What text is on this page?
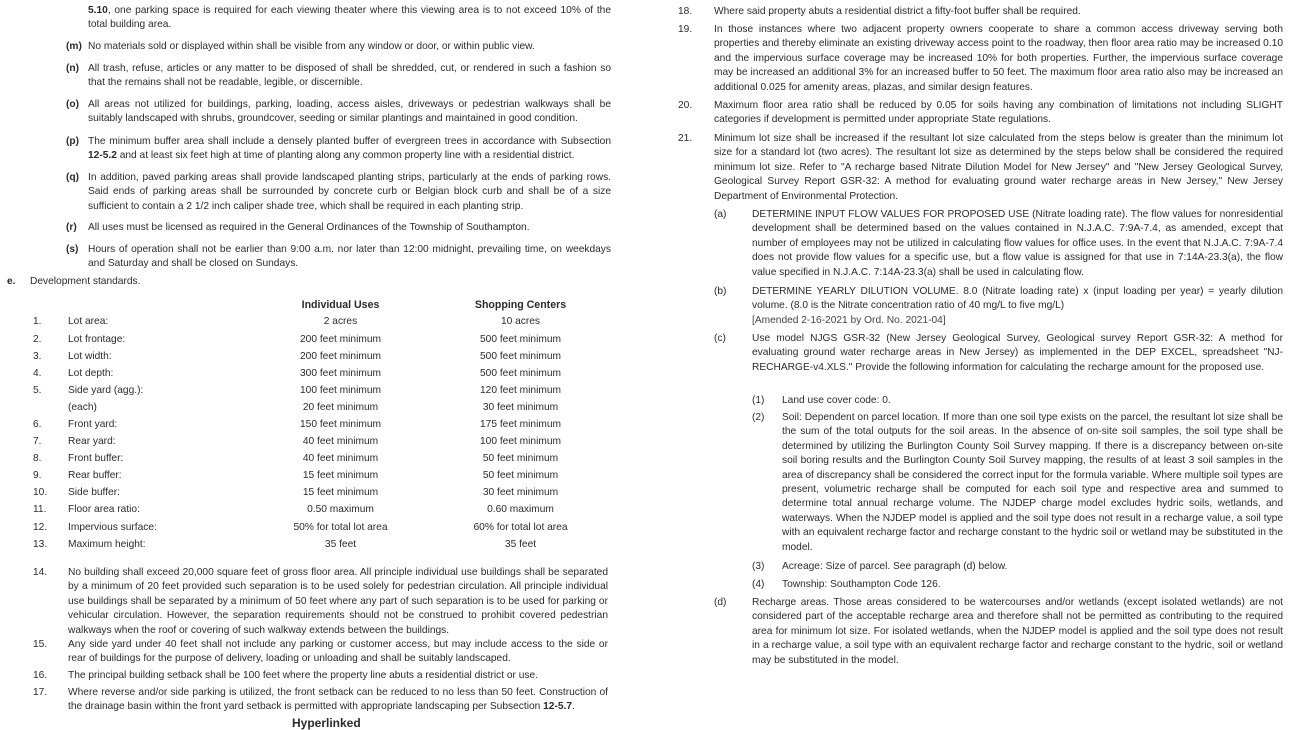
5.10, one parking space is required for each viewing theater where this viewing area is to not exceed 10% of the total building area.

(m) No materials sold or displayed within shall be visible from any window or door, or within public view.

(n) All trash, refuse, articles or any matter to be disposed of shall be shredded, cut, or rendered in such a fashion so that the remains shall not be readable, legible, or discernible.

(o) All areas not utilized for buildings, parking, loading, access aisles, driveways or pedestrian walkways shall be suitably landscaped with shrubs, groundcover, seeding or similar plantings and maintained in good condition.

(p) The minimum buffer area shall include a densely planted buffer of evergreen trees in accordance with Subsection 12-5.2 and at least six feet high at time of planting along any common property line with a residential district.

(q) In addition, paved parking areas shall provide landscaped planting strips, particularly at the ends of parking rows. Said ends of parking areas shall be surrounded by concrete curb or Belgian block curb and shall be of a size sufficient to contain a 2 1/2 inch caliper shade tree, which shall be required in each planting strip.

(r) All uses must be licensed as required in the General Ordinances of the Township of Southampton.

(s) Hours of operation shall not be earlier than 9:00 a.m. nor later than 12:00 midnight, prevailing time, on weekdays and Saturday and shall be closed on Sundays.

e. Development standards.
		Individual Uses	Shopping Centers
1.	Lot area:	2 acres	10 acres
2.	Lot frontage:	200 feet minimum	500 feet minimum
3.	Lot width:	200 feet minimum	500 feet minimum
4.	Lot depth:	300 feet minimum	500 feet minimum
5.	Side yard (agg.):	100 feet minimum	120 feet minimum
	(each)	20 feet minimum	30 feet minimum
6.	Front yard:	150 feet minimum	175 feet minimum
7.	Rear yard:	40 feet minimum	100 feet minimum
8.	Front buffer:	40 feet minimum	50 feet minimum
9.	Rear buffer:	15 feet minimum	50 feet minimum
10.	Side buffer:	15 feet minimum	30 feet minimum
11.	Floor area ratio:	0.50 maximum	0.60 maximum
12.	Impervious surface:	50% for total lot area	60% for total lot area
13.	Maximum height:	35 feet	35 feet
14. No building shall exceed 20,000 square feet of gross floor area. All principle individual use buildings shall be separated by a minimum of 20 feet provided such separation is to be used solely for pedestrian circulation. All principle individual use buildings shall be separated by a minimum of 50 feet where any part of such separation is to be used for parking or vehicular circulation. However, the separation requirements should not be construed to prohibit covered pedestrian walkways when the roof or covering of such walkway extends between the buildings.

15. Any side yard under 40 feet shall not include any parking or customer access, but may include access to the side or rear of buildings for the purpose of delivery, loading or unloading and shall be suitably landscaped.

16. The principal building setback shall be 100 feet where the property line abuts a residential district or use.

17. Where reverse and/or side parking is utilized, the front setback can be reduced to no less than 50 feet. Construction of the drainage basin within the front yard setback is permitted with appropriate landscaping per Subsection 12-5.7.

Hyperlinked
18. Where said property abuts a residential district a fifty-foot buffer shall be required.

19. In those instances where two adjacent property owners cooperate to share a common access driveway serving both properties and thereby eliminate an existing driveway access point to the roadway, then floor area ratio may be increased 0.10 and the impervious surface coverage may be increased 10% for both properties. Further, the impervious surface coverage may be increased an additional 3% for an increased buffer to 50 feet. The maximum floor area ratio also may be increased an additional 0.025 for amenity areas, plazas, and similar design features.

20. Maximum floor area ratio shall be reduced by 0.05 for soils having any combination of limitations not including SLIGHT categories if development is permitted under appropriate State regulations.

21. Minimum lot size shall be increased if the resultant lot size calculated from the steps below is greater than the minimum lot size for a standard lot (two acres). The resultant lot size as determined by the steps below shall be considered the required minimum lot size. Refer to "A recharge based Nitrate Dilution Model for New Jersey" and "New Jersey Geological Survey, Geological Survey Report GSR-32: A method for evaluating ground water recharge areas in New Jersey," New Jersey Department of Environmental Protection.

(a)	DETERMINE INPUT FLOW VALUES FOR PROPOSED USE (Nitrate loading rate). The flow values for nonresidential development shall be determined based on the values contained in N.J.A.C. 7:9A-7.4, as amended, except that number of employees may not be utilized in calculating flow values for office uses. In the event that N.J.A.C. 7:9A-7.4 does not provide flow values for a specific use, but a flow value is assigned for that use in 7:14A-23.3(a), the flow value specified in N.J.A.C. 7:14A-23.3(a) shall be used in calculating flow.

(b)	DETERMINE YEARLY DILUTION VOLUME. 8.0 (Nitrate loading rate) x (input loading per year) = yearly dilution volume. (8.0 is the Nitrate concentration ratio of 40 mg/L to five mg/L)

[Amended 2-16-2021 by Ord. No. 2021-04]
(c)	Use model NJGS GSR-32 (New Jersey Geological Survey, Geological survey Report GSR-32: A method for evaluating ground water recharge areas in New Jersey) as implemented in the DEP EXCEL, spreadsheet "NJ-RECHARGE-v4.XLS." Provide the following information for calculating the recharge amount for the proposed use.

(1) Land use cover code: 0.

(2) Soil: Dependent on parcel location. If more than one soil type exists on the parcel, the resultant lot size shall be the sum of the total outputs for the soil areas. In the absence of on-site soil samples, the soil type shall be determined by utilizing the Burlington County Soil Survey mapping. If there is a discrepancy between on-site soil boring results and the Burlington County Soil Survey mapping, the results of at least 3 soil samples in the area of discrepancy shall be considered the correct input for the formula variable. Where multiple soil types are present, volumetric recharge shall be computed for each soil type and respective area and summed to determine total annual recharge volume. The NJDEP charge model excludes hydric soils, wetlands, and waterways. When the NJDEP model is applied and the soil type does not result in a recharge value, a soil type with an equivalent recharge factor and recharge constant to the hydric soil or wetland may be substituted in the model.

(3) Acreage: Size of parcel. See paragraph (d) below.

(4) Township: Southampton Code 126.

(d)	Recharge areas. Those areas considered to be watercourses and/or wetlands (except isolated wetlands) are not considered part of the acceptable recharge area and therefore shall not be permitted as contributing to the required area for minimum lot size. For isolated wetlands, when the NJDEP model is applied and the soil type does not result in a recharge value, a soil type with an equivalent recharge factor and recharge constant to the hydric, soil or wetland may be substituted in the model.
